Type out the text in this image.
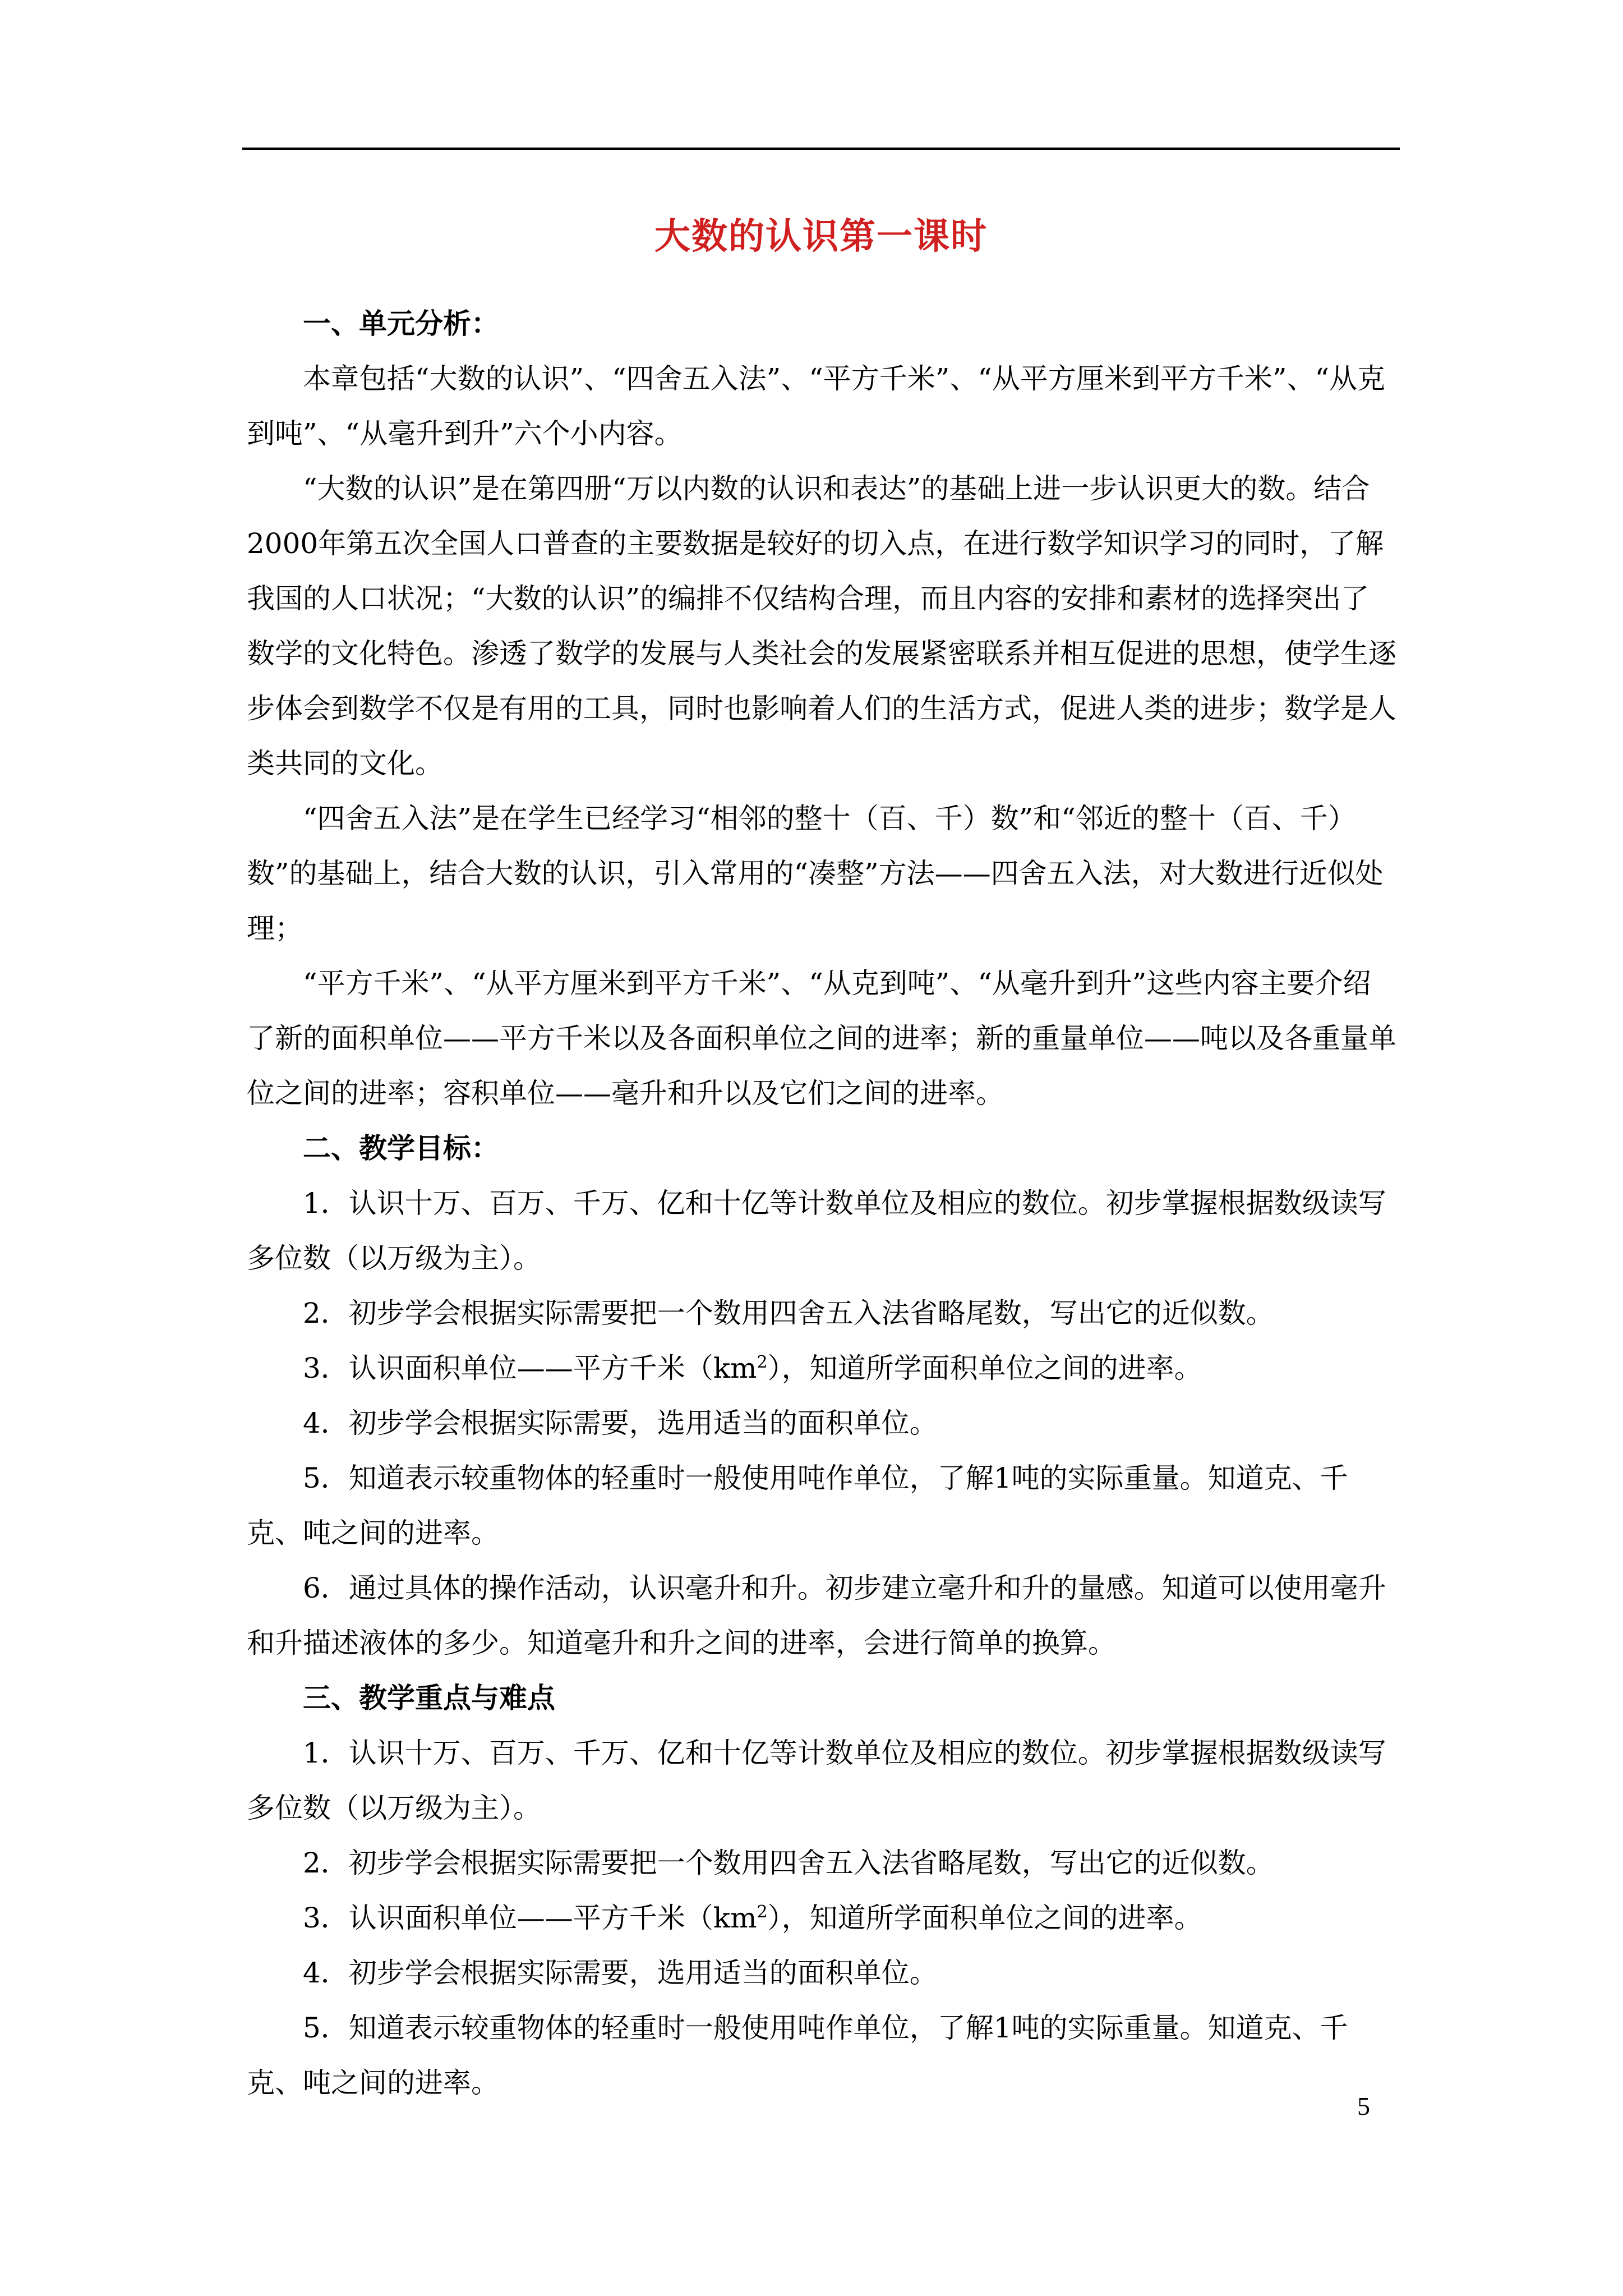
大数的认识第一课时
一、单元分析：

本章包括“大数的认识”、“四舍五入法”、“平方千米”、“从平方厘米到平方千米”、“从克到吨”、“从毫升到升”六个小内容。

“大数的认识”是在第四册“万以内数的认识和表达”的基础上进一步认识更大的数。结合2000年第五次全国人口普查的主要数据是较好的切入点，在进行数学知识学习的同时，了解我国的人口状况；“大数的认识”的编排不仅结构合理，而且内容的安排和素材的选择突出了数学的文化特色。渗透了数学的发展与人类社会的发展紧密联系并相互促进的思想，使学生逐步体会到数学不仅是有用的工具，同时也影响着人们的生活方式，促进人类的进步；数学是人类共同的文化。

“四舍五入法”是在学生已经学习“相邻的整十（百、千）数”和“邻近的整十（百、千）数”的基础上，结合大数的认识，引入常用的“凑整”方法——四舍五入法，对大数进行近似处理；

“平方千米”、“从平方厘米到平方千米”、“从克到吨”、“从毫升到升”这些内容主要介绍了新的面积单位——平方千米以及各面积单位之间的进率；新的重量单位——吨以及各重量单位之间的进率；容积单位——毫升和升以及它们之间的进率。

二、教学目标：

1．认识十万、百万、千万、亿和十亿等计数单位及相应的数位。初步掌握根据数级读写多位数（以万级为主）。

2．初步学会根据实际需要把一个数用四舍五入法省略尾数，写出它的近似数。

3．认识面积单位——平方千米$(km^2)$，知道所学面积单位之间的进率。

4．初步学会根据实际需要，选用适当的面积单位。

5．知道表示较重物体的轻重时一般使用吨作单位，了解1吨的实际重量。知道克、千克、吨之间的进率。

6．通过具体的操作活动，认识毫升和升。初步建立毫升和升的量感。知道可以使用毫升和升描述液体的多少。知道毫升和升之间的进率，会进行简单的换算。

三、教学重点与难点

1．认识十万、百万、千万、亿和十亿等计数单位及相应的数位。初步掌握根据数级读写多位数（以万级为主）。

2．初步学会根据实际需要把一个数用四舍五入法省略尾数，写出它的近似数。

3．认识面积单位——平方千米$(km^2)$，知道所学面积单位之间的进率。

4．初步学会根据实际需要，选用适当的面积单位。

5．知道表示较重物体的轻重时一般使用吨作单位，了解1吨的实际重量。知道克、千克、吨之间的进率。

5
